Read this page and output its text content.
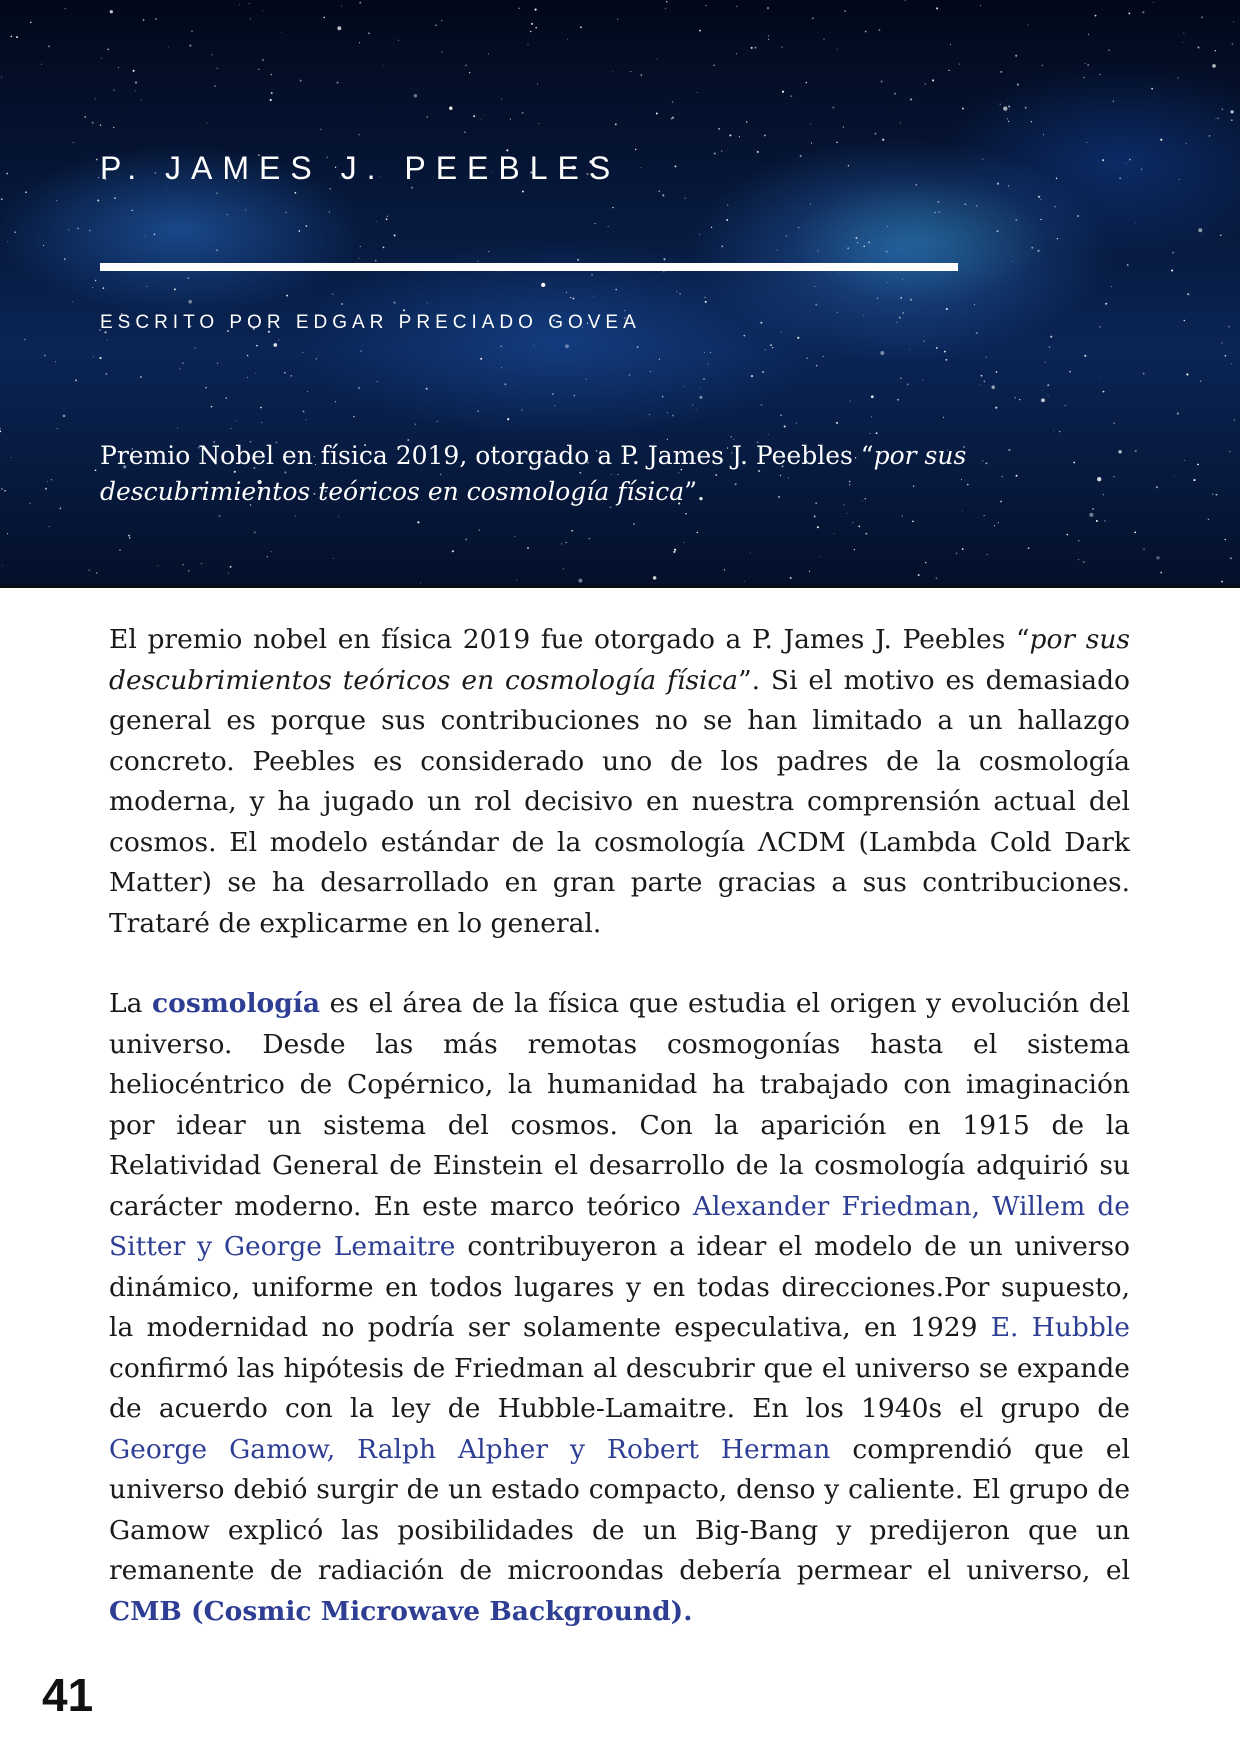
P. JAMES J. PEEBLES

ESCRITO POR EDGAR PRECIADO GOVEA

Premio Nobel en física 2019, otorgado a P. James J. Peebles “por sus descubrimientos teóricos en cosmología física”.

El premio nobel en física 2019 fue otorgado a P. James J. Peebles “por sus descubrimientos teóricos en cosmología física”. Si el motivo es demasiado general es porque sus contribuciones no se han limitado a un hallazgo concreto. Peebles es considerado uno de los padres de la cosmología moderna, y ha jugado un rol decisivo en nuestra comprensión actual del cosmos. El modelo estándar de la cosmología ΛCDM (Lambda Cold Dark Matter) se ha desarrollado en gran parte gracias a sus contribuciones. Trataré de explicarme en lo general.

La cosmología es el área de la física que estudia el origen y evolución del universo. Desde las más remotas cosmogonías hasta el sistema heliocéntrico de Copérnico, la humanidad ha trabajado con imaginación por idear un sistema del cosmos. Con la aparición en 1915 de la Relatividad General de Einstein el desarrollo de la cosmología adquirió su carácter moderno. En este marco teórico Alexander Friedman, Willem de Sitter y George Lemaitre contribuyeron a idear el modelo de un universo dinámico, uniforme en todos lugares y en todas direcciones.Por supuesto, la modernidad no podría ser solamente especulativa, en 1929 E. Hubble confirmó las hipótesis de Friedman al descubrir que el universo se expande de acuerdo con la ley de Hubble-Lamaitre. En los 1940s el grupo de George Gamow, Ralph Alpher y Robert Herman comprendió que el universo debió surgir de un estado compacto, denso y caliente. El grupo de Gamow explicó las posibilidades de un Big-Bang y predijeron que un remanente de radiación de microondas debería permear el universo, el CMB (Cosmic Microwave Background).

41
